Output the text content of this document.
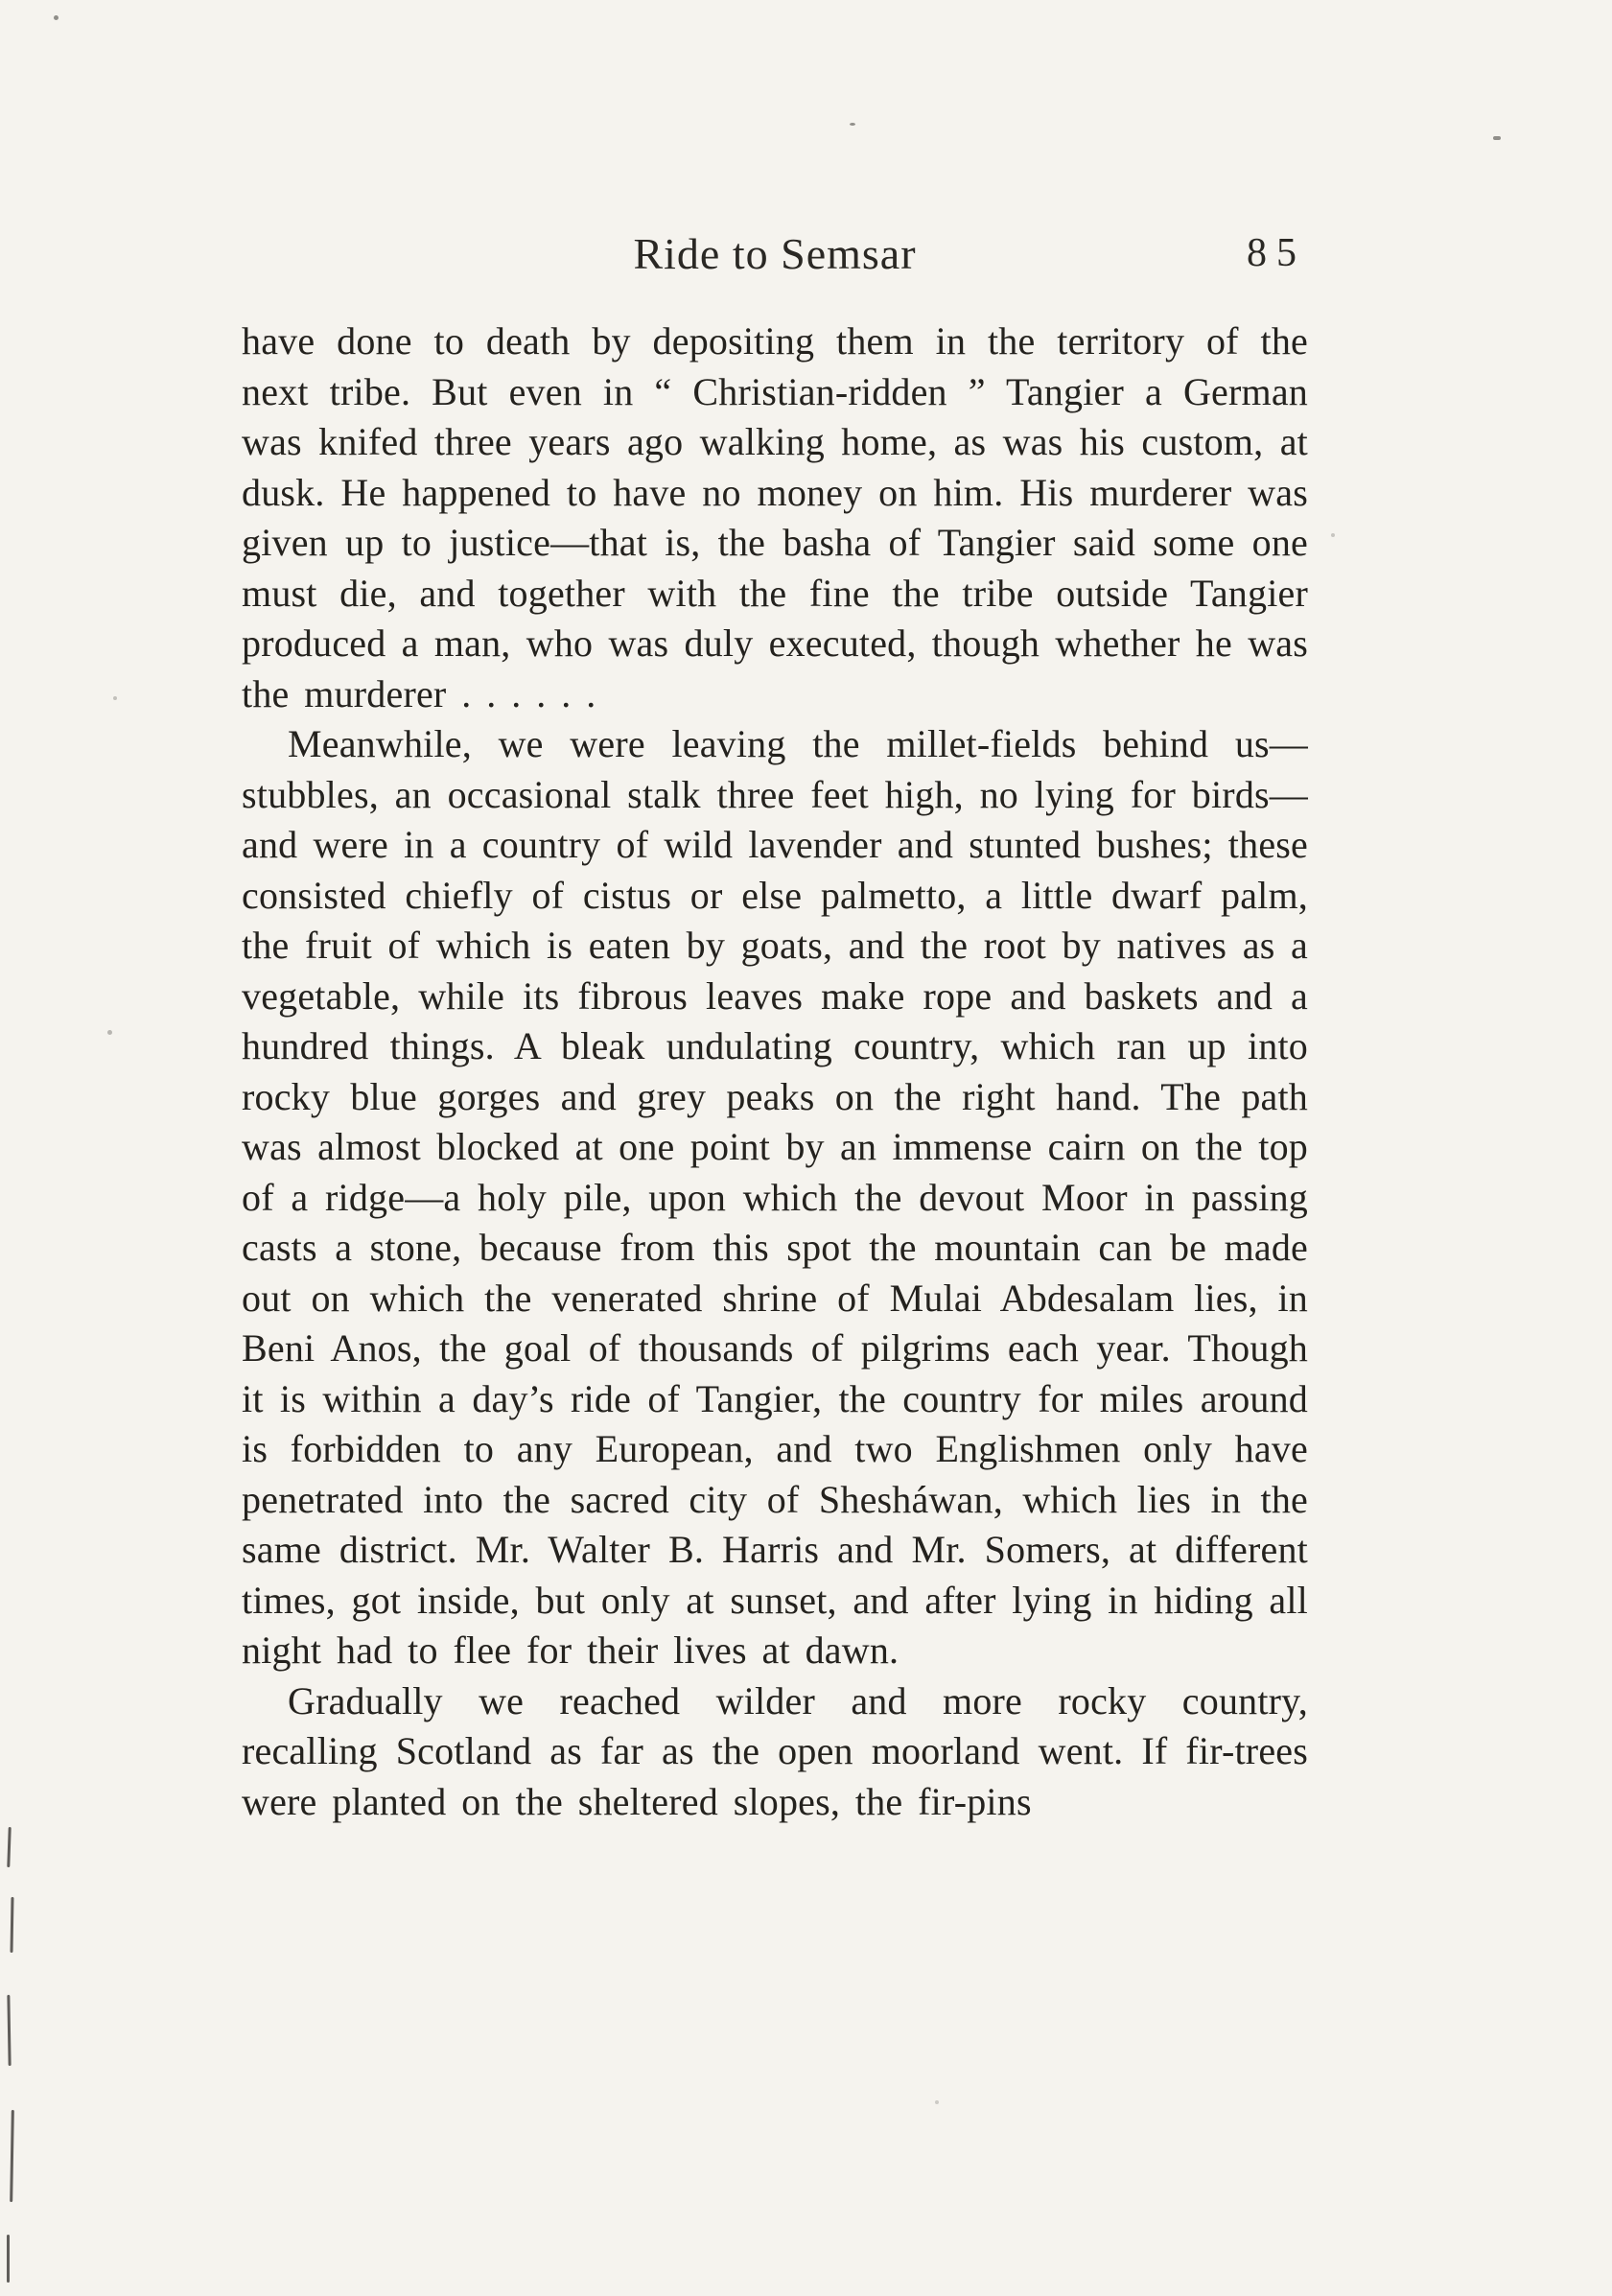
Ride to Semsar	85

have done to death by depositing them in the territory of the next tribe. But even in “ Christian-ridden ” Tangier a German was knifed three years ago walking home, as was his custom, at dusk. He happened to have no money on him. His murderer was given up to justice—that is, the basha of Tangier said some one must die, and together with the fine the tribe outside Tangier produced a man, who was duly executed, though whether he was the murderer . . . . . .

Meanwhile, we were leaving the millet-fields behind us—stubbles, an occasional stalk three feet high, no lying for birds—and were in a country of wild lavender and stunted bushes; these consisted chiefly of cistus or else palmetto, a little dwarf palm, the fruit of which is eaten by goats, and the root by natives as a vegetable, while its fibrous leaves make rope and baskets and a hundred things. A bleak undulating country, which ran up into rocky blue gorges and grey peaks on the right hand. The path was almost blocked at one point by an immense cairn on the top of a ridge—a holy pile, upon which the devout Moor in passing casts a stone, because from this spot the mountain can be made out on which the venerated shrine of Mulai Abdesalam lies, in Beni Anos, the goal of thousands of pilgrims each year. Though it is within a day’s ride of Tangier, the country for miles around is forbidden to any European, and two Englishmen only have penetrated into the sacred city of Shesháwan, which lies in the same district. Mr. Walter B. Harris and Mr. Somers, at different times, got inside, but only at sunset, and after lying in hiding all night had to flee for their lives at dawn.

Gradually we reached wilder and more rocky country, recalling Scotland as far as the open moorland went. If fir-trees were planted on the sheltered slopes, the fir-pins
